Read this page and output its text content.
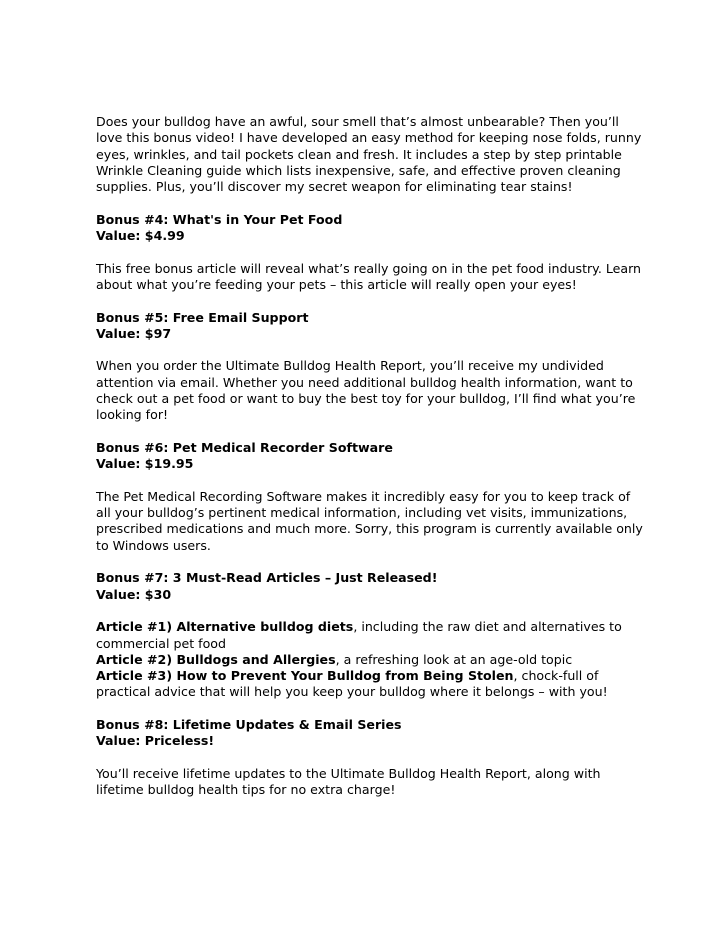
Does your bulldog have an awful, sour smell that’s almost unbearable? Then you’ll love this bonus video! I have developed an easy method for keeping nose folds, runny eyes, wrinkles, and tail pockets clean and fresh. It includes a step by step printable Wrinkle Cleaning guide which lists inexpensive, safe, and effective proven cleaning supplies. Plus, you’ll discover my secret weapon for eliminating tear stains!

Bonus #4: What's in Your Pet Food
Value: $4.99

This free bonus article will reveal what’s really going on in the pet food industry. Learn about what you’re feeding your pets – this article will really open your eyes!

Bonus #5: Free Email Support
Value: $97

When you order the Ultimate Bulldog Health Report, you’ll receive my undivided attention via email. Whether you need additional bulldog health information, want to check out a pet food or want to buy the best toy for your bulldog, I’ll find what you’re looking for!

Bonus #6: Pet Medical Recorder Software
Value: $19.95

The Pet Medical Recording Software makes it incredibly easy for you to keep track of all your bulldog’s pertinent medical information, including vet visits, immunizations, prescribed medications and much more. Sorry, this program is currently available only to Windows users.

Bonus #7: 3 Must-Read Articles – Just Released!
Value: $30
Article #1) Alternative bulldog diets, including the raw diet and alternatives to commercial pet food
Article #2) Bulldogs and Allergies, a refreshing look at an age-old topic
Article #3) How to Prevent Your Bulldog from Being Stolen, chock-full of practical advice that will help you keep your bulldog where it belongs – with you!
Bonus #8: Lifetime Updates & Email Series
Value: Priceless!

You’ll receive lifetime updates to the Ultimate Bulldog Health Report, along with lifetime bulldog health tips for no extra charge!
